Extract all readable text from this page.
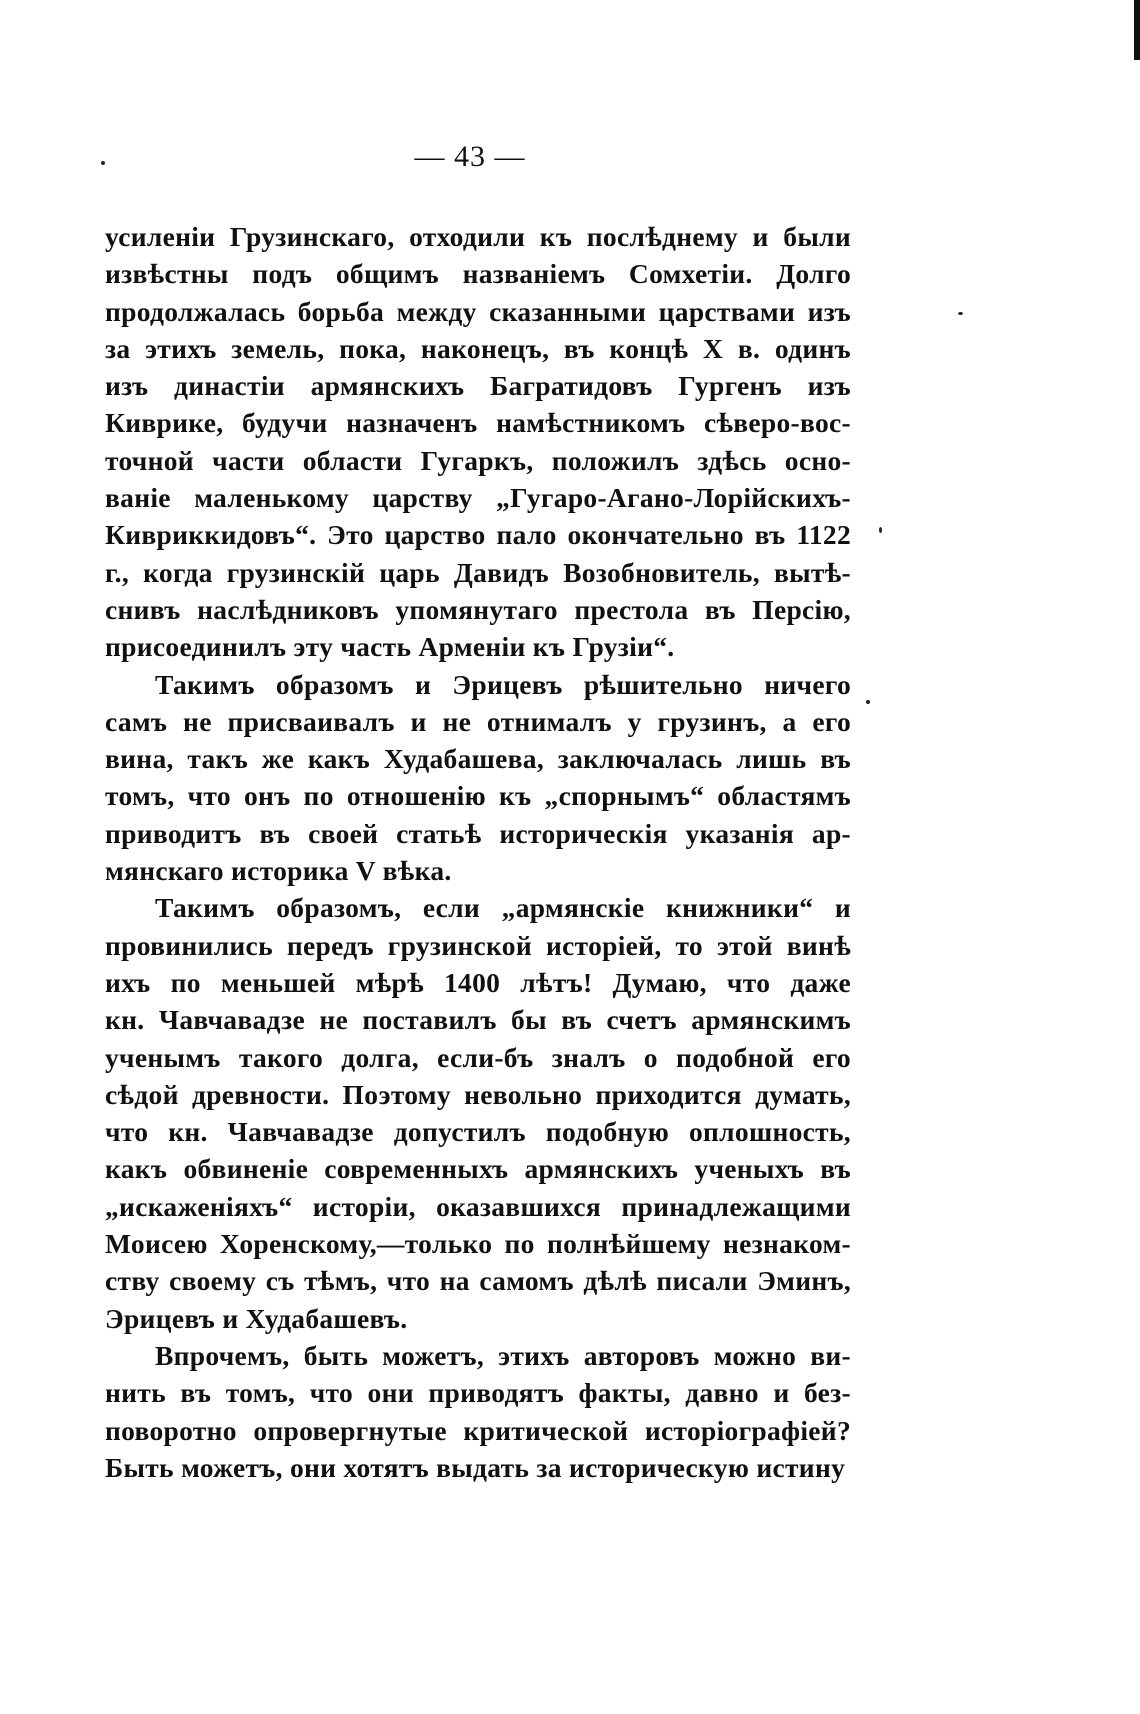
— 43 —
усиленіи Грузинскаго, отходили къ послѣднему и были
извѣстны подъ общимъ названіемъ Сомхетіи. Долго
продолжалась борьба между сказанными царствами изъ
за этихъ земель, пока, наконецъ, въ концѣ X в. одинъ
изъ династіи армянскихъ Багратидовъ Гургенъ изъ
Киврике, будучи назначенъ намѣстникомъ сѣверо-вос-
точной части области Гугаркъ, положилъ здѣсь осно-
ваніе маленькому царству „Гугаро-Агано-Лорійскихъ-
Кивриккидовъ“. Это царство пало окончательно въ 1122
г., когда грузинскій царь Давидъ Возобновитель, вытѣ-
снивъ наслѣдниковъ упомянутаго престола въ Персію,
присоединилъ эту часть Арменіи къ Грузіи“.
Такимъ образомъ и Эрицевъ рѣшительно ничего
самъ не присваивалъ и не отнималъ у грузинъ, а его
вина, такъ же какъ Худабашева, заключалась лишь въ
томъ, что онъ по отношенію къ „спорнымъ“ областямъ
приводитъ въ своей статьѣ историческія указанія ар-
мянскаго историка V вѣка.
Такимъ образомъ, если „армянскіе книжники“ и
провинились передъ грузинской исторіей, то этой винѣ
ихъ по меньшей мѣрѣ 1400 лѣтъ! Думаю, что даже
кн. Чавчавадзе не поставилъ бы въ счетъ армянскимъ
ученымъ такого долга, если-бъ зналъ о подобной его
сѣдой древности. Поэтому невольно приходится думать,
что кн. Чавчавадзе допустилъ подобную оплошность,
какъ обвиненіе современныхъ армянскихъ ученыхъ въ
„искаженіяхъ“ исторіи, оказавшихся принадлежащими
Моисею Хоренскому,—только по полнѣйшему незнаком-
ству своему съ тѣмъ, что на самомъ дѣлѣ писали Эминъ,
Эрицевъ и Худабашевъ.
Впрочемъ, быть можетъ, этихъ авторовъ можно ви-
нить въ томъ, что они приводятъ факты, давно и без-
поворотно опровергнутые критической исторіографіей?
Быть можетъ, они хотятъ выдать за историческую истину
